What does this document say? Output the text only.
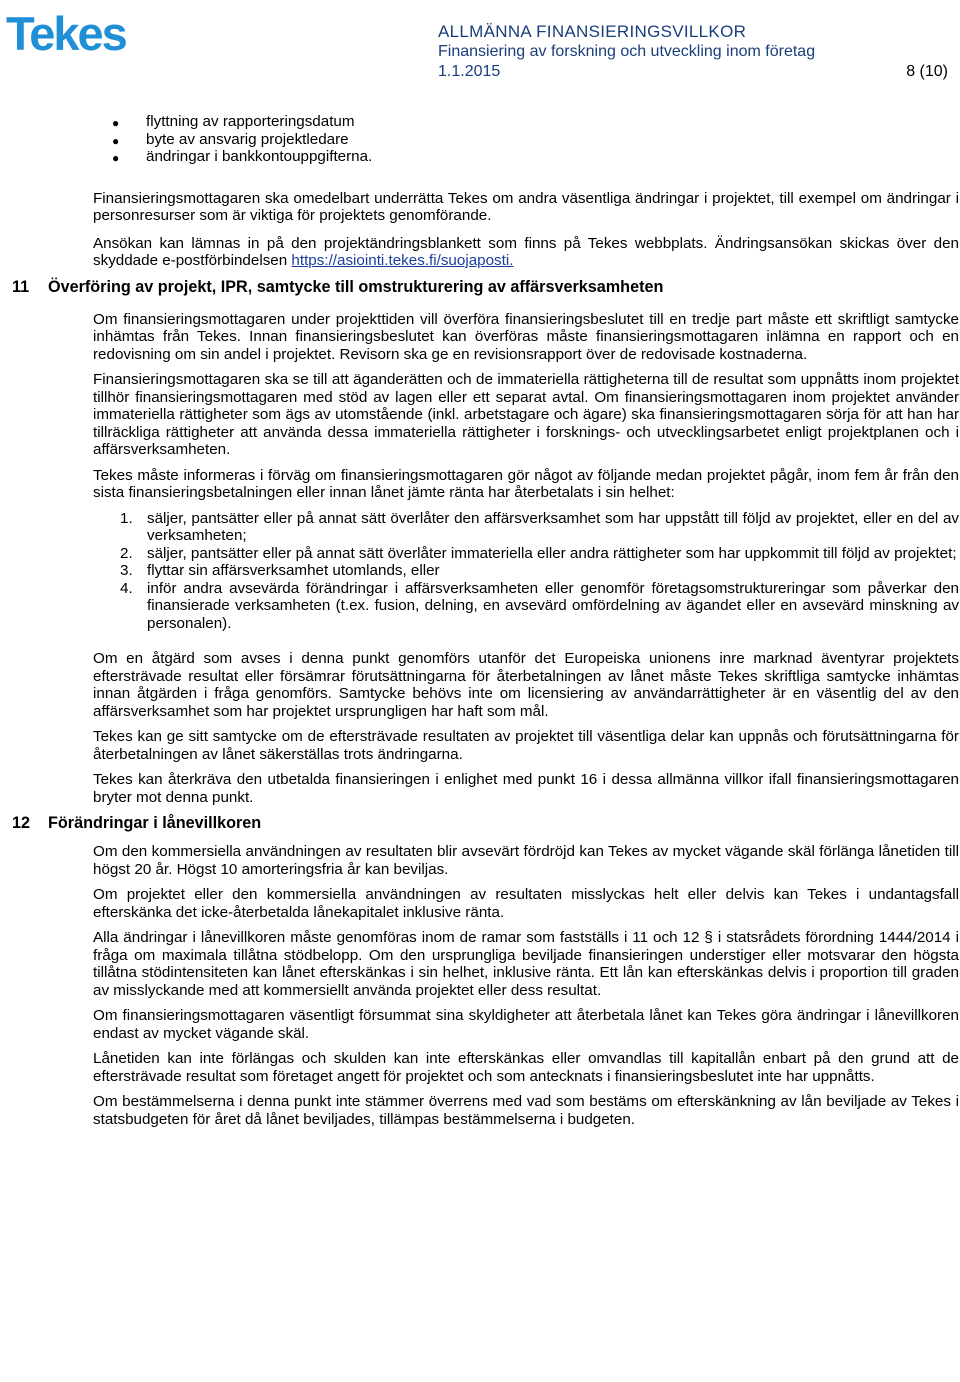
Tekes	ALLMÄNNA FINANSIERINGSVILLKOR
Finansiering av forskning och utveckling inom företag
1.1.2015	8 (10)
● flyttning av rapporteringsdatum
● byte av ansvarig projektledare
● ändringar i bankkontouppgifterna.

Finansieringsmottagaren ska omedelbart underrätta Tekes om andra väsentliga ändringar i projektet, till exempel om ändringar i personresurser som är viktiga för projektets genomförande.

Ansökan kan lämnas in på den projektändringsblankett som finns på Tekes webbplats. Ändringsansökan skickas över den skyddade e-postförbindelsen https://asiointi.tekes.fi/suojaposti.

11	Överföring av projekt, IPR, samtycke till omstrukturering av affärsverksamheten

Om finansieringsmottagaren under projekttiden vill överföra finansieringsbeslutet till en tredje part måste ett skriftligt samtycke inhämtas från Tekes. Innan finansieringsbeslutet kan överföras måste finansieringsmottagaren inlämna en rapport och en redovisning om sin andel i projektet. Revisorn ska ge en revisionsrapport över de redovisade kostnaderna.

Finansieringsmottagaren ska se till att äganderätten och de immateriella rättigheterna till de resultat som uppnåtts inom projektet tillhör finansieringsmottagaren med stöd av lagen eller ett separat avtal. Om finansieringsmottagaren inom projektet använder immateriella rättigheter som ägs av utomstående (inkl. arbetstagare och ägare) ska finansieringsmottagaren sörja för att han har tillräckliga rättigheter att använda dessa immateriella rättigheter i forsknings- och utvecklingsarbetet enligt projektplanen och i affärsverksamheten.

Tekes måste informeras i förväg om finansieringsmottagaren gör något av följande medan projektet pågår, inom fem år från den sista finansieringsbetalningen eller innan lånet jämte ränta har återbetalats i sin helhet:

1. säljer, pantsätter eller på annat sätt överlåter den affärsverksamhet som har uppstått till följd av projektet, eller en del av verksamheten;
2. säljer, pantsätter eller på annat sätt överlåter immateriella eller andra rättigheter som har uppkommit till följd av projektet;
3. flyttar sin affärsverksamhet utomlands, eller
4. inför andra avsevärda förändringar i affärsverksamheten eller genomför företagsomstruktureringar som påverkar den finansierade verksamheten (t.ex. fusion, delning, en avsevärd omfördelning av ägandet eller en avsevärd minskning av personalen).

Om en åtgärd som avses i denna punkt genomförs utanför det Europeiska unionens inre marknad äventyrar projektets eftersträvade resultat eller försämrar förutsättningarna för återbetalningen av lånet måste Tekes skriftliga samtycke inhämtas innan åtgärden i fråga genomförs. Samtycke behövs inte om licensiering av användarrättigheter är en väsentlig del av den affärsverksamhet som har projektet ursprungligen har haft som mål.

Tekes kan ge sitt samtycke om de eftersträvade resultaten av projektet till väsentliga delar kan uppnås och förutsättningarna för återbetalningen av lånet säkerställas trots ändringarna.

Tekes kan återkräva den utbetalda finansieringen i enlighet med punkt 16 i dessa allmänna villkor ifall finansieringsmottagaren bryter mot denna punkt.

12	Förändringar i lånevillkoren

Om den kommersiella användningen av resultaten blir avsevärt fördröjd kan Tekes av mycket vägande skäl förlänga lånetiden till högst 20 år. Högst 10 amorteringsfria år kan beviljas.

Om projektet eller den kommersiella användningen av resultaten misslyckas helt eller delvis kan Tekes i undantagsfall efterskänka det icke-återbetalda lånekapitalet inklusive ränta.

Alla ändringar i lånevillkoren måste genomföras inom de ramar som fastställs i 11 och 12 § i statsrådets förordning 1444/2014 i fråga om maximala tillåtna stödbelopp. Om den ursprungliga beviljade finansieringen understiger eller motsvarar den högsta tillåtna stödintensiteten kan lånet efterskänkas i sin helhet, inklusive ränta. Ett lån kan efterskänkas delvis i proportion till graden av misslyckande med att kommersiellt använda projektet eller dess resultat.

Om finansieringsmottagaren väsentligt försummat sina skyldigheter att återbetala lånet kan Tekes göra ändringar i lånevillkoren endast av mycket vägande skäl.

Lånetiden kan inte förlängas och skulden kan inte efterskänkas eller omvandlas till kapitallån enbart på den grund att de eftersträvade resultat som företaget angett för projektet och som antecknats i finansieringsbeslutet inte har uppnåtts.

Om bestämmelserna i denna punkt inte stämmer överrens med vad som bestäms om efterskänkning av lån beviljade av Tekes i statsbudgeten för året då lånet beviljades, tillämpas bestämmelserna i budgeten.
